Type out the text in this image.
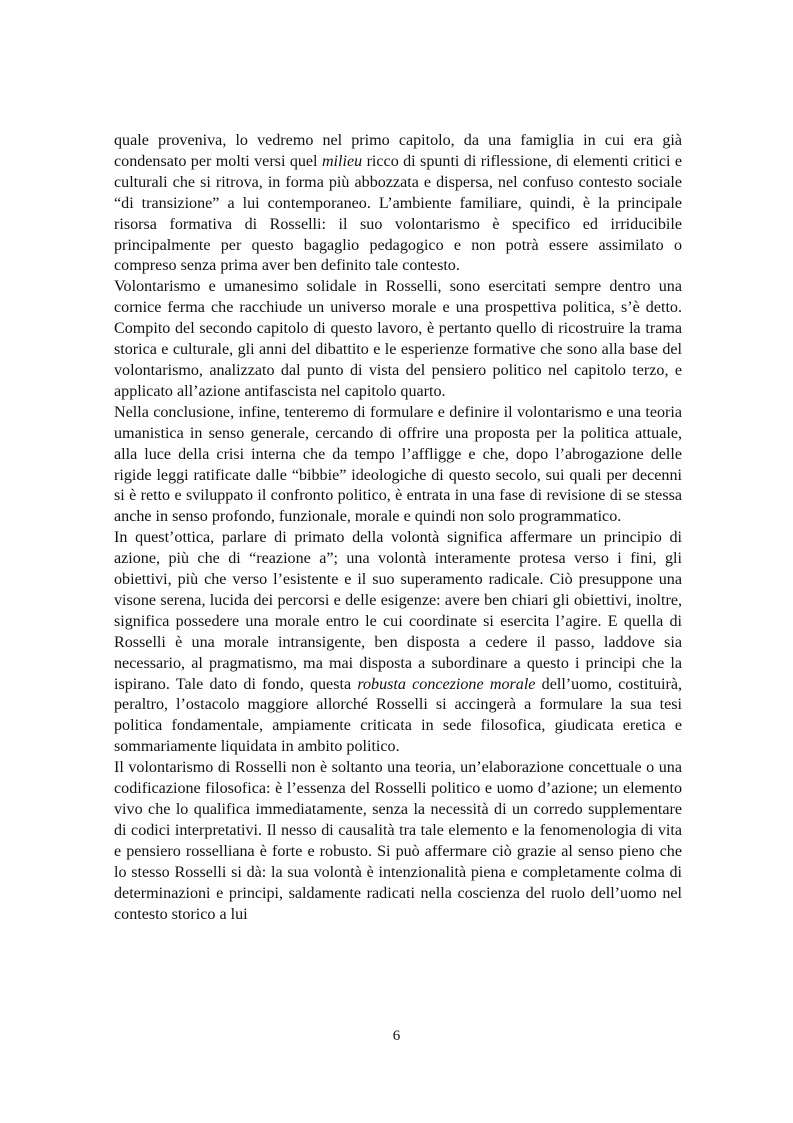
quale proveniva, lo vedremo nel primo capitolo, da una famiglia in cui era già condensato per molti versi quel milieu ricco di spunti di riflessione, di elementi critici e culturali che si ritrova, in forma più abbozzata e dispersa, nel confuso contesto sociale “di transizione” a lui contemporaneo. L’ambiente familiare, quindi, è la principale risorsa formativa di Rosselli: il suo volontarismo è specifico ed irriducibile principalmente per questo bagaglio pedagogico e non potrà essere assimilato o compreso senza prima aver ben definito tale contesto.

Volontarismo e umanesimo solidale in Rosselli, sono esercitati sempre dentro una cornice ferma che racchiude un universo morale e una prospettiva politica, s’è detto. Compito del secondo capitolo di questo lavoro, è pertanto quello di ricostruire la trama storica e culturale, gli anni del dibattito e le esperienze formative che sono alla base del volontarismo, analizzato dal punto di vista del pensiero politico nel capitolo terzo, e applicato all’azione antifascista nel capitolo quarto.

Nella conclusione, infine, tenteremo di formulare e definire il volontarismo e una teoria umanistica in senso generale, cercando di offrire una proposta per la politica attuale, alla luce della crisi interna che da tempo l’affligge e che, dopo l’abrogazione delle rigide leggi ratificate dalle “bibbie” ideologiche di questo secolo, sui quali per decenni si è retto e sviluppato il confronto politico, è entrata in una fase di revisione di se stessa anche in senso profondo, funzionale, morale e quindi non solo programmatico.

In quest’ottica, parlare di primato della volontà significa affermare un principio di azione, più che di “reazione a”; una volontà interamente protesa verso i fini, gli obiettivi, più che verso l’esistente e il suo superamento radicale. Ciò presuppone una visone serena, lucida dei percorsi e delle esigenze: avere ben chiari gli obiettivi, inoltre, significa possedere una morale entro le cui coordinate si esercita l’agire. E quella di Rosselli è una morale intransigente, ben disposta a cedere il passo, laddove sia necessario, al pragmatismo, ma mai disposta a subordinare a questo i principi che la ispirano. Tale dato di fondo, questa robusta concezione morale dell’uomo, costituirà, peraltro, l’ostacolo maggiore allorché Rosselli si accingerà a formulare la sua tesi politica fondamentale, ampiamente criticata in sede filosofica, giudicata eretica e sommariamente liquidata in ambito politico.

Il volontarismo di Rosselli non è soltanto una teoria, un’elaborazione concettuale o una codificazione filosofica: è l’essenza del Rosselli politico e uomo d’azione; un elemento vivo che lo qualifica immediatamente, senza la necessità di un corredo supplementare di codici interpretativi. Il nesso di causalità tra tale elemento e la fenomenologia di vita e pensiero rosselliana è forte e robusto. Si può affermare ciò grazie al senso pieno che lo stesso Rosselli si dà: la sua volontà è intenzionalità piena e completamente colma di determinazioni e principi, saldamente radicati nella coscienza del ruolo dell’uomo nel contesto storico a lui

6
